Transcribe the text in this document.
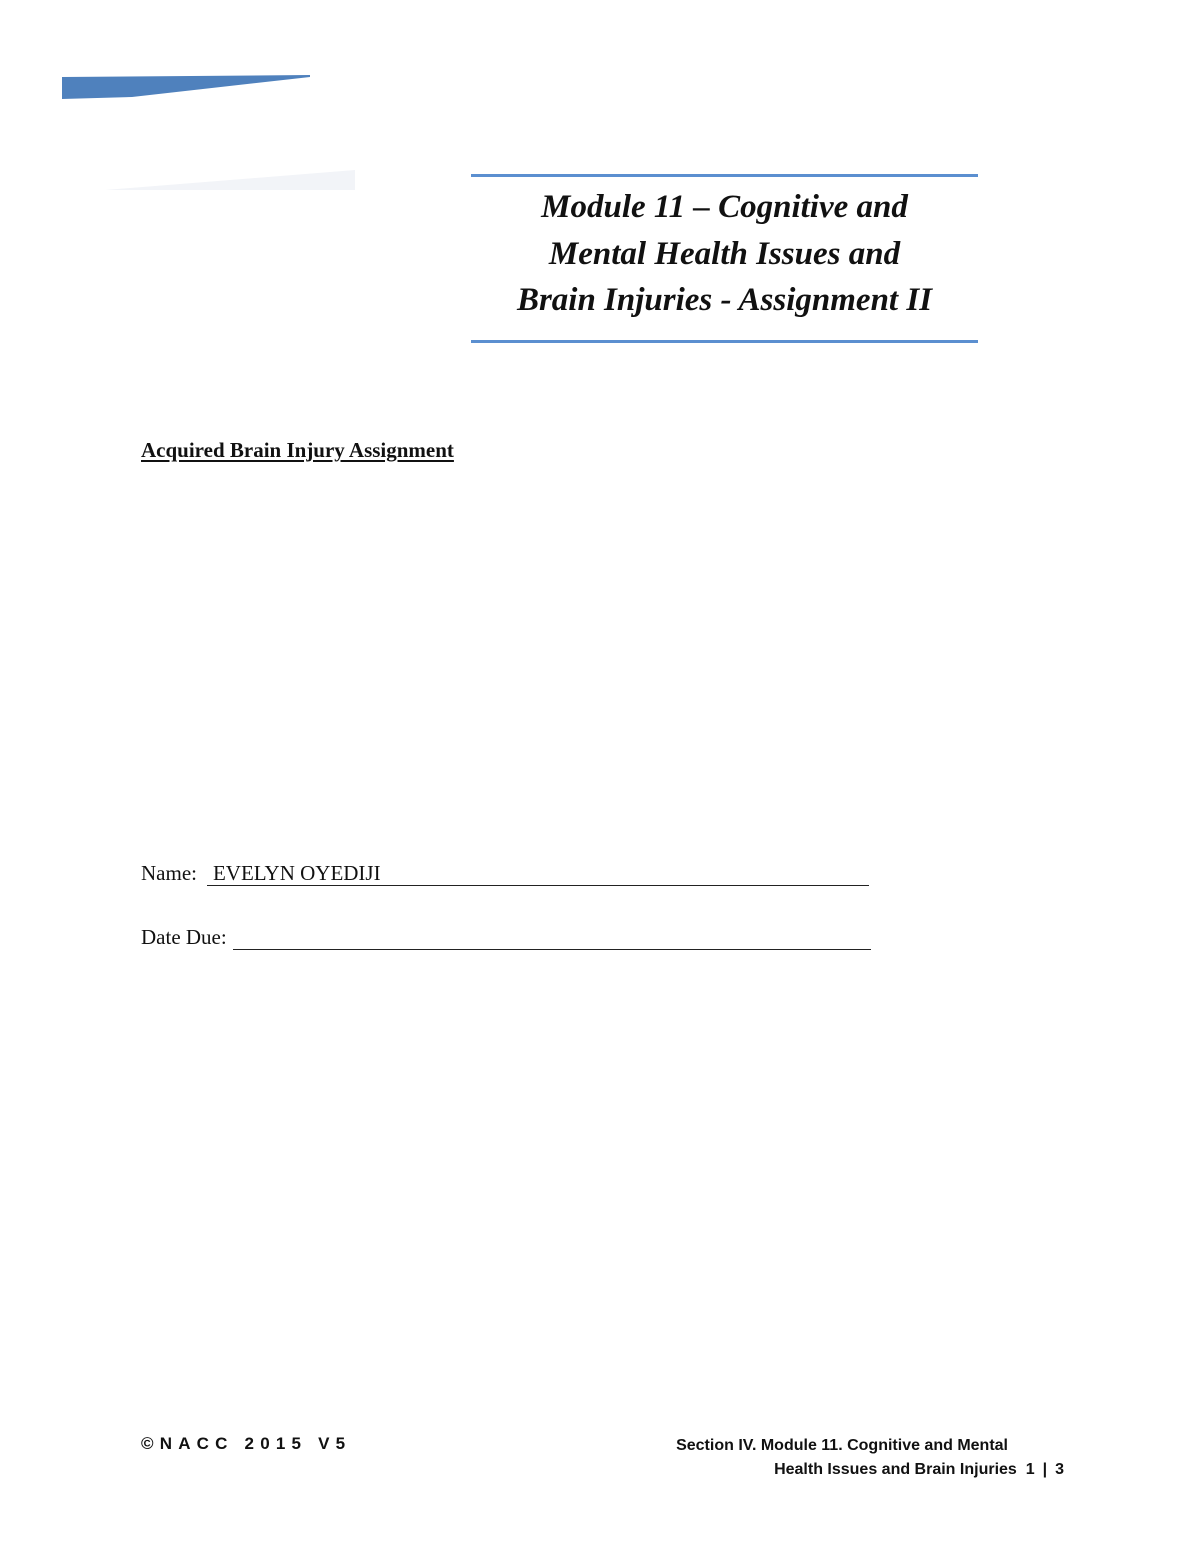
Module 11 – Cognitive and
Mental Health Issues and
Brain Injuries - Assignment II
Acquired Brain Injury Assignment
Name: EVELYN OYEDIJI
Date Due:
©NACC 2015 V5	Section IV. Module 11. Cognitive and Mental
Health Issues and Brain Injuries 1 | 3
